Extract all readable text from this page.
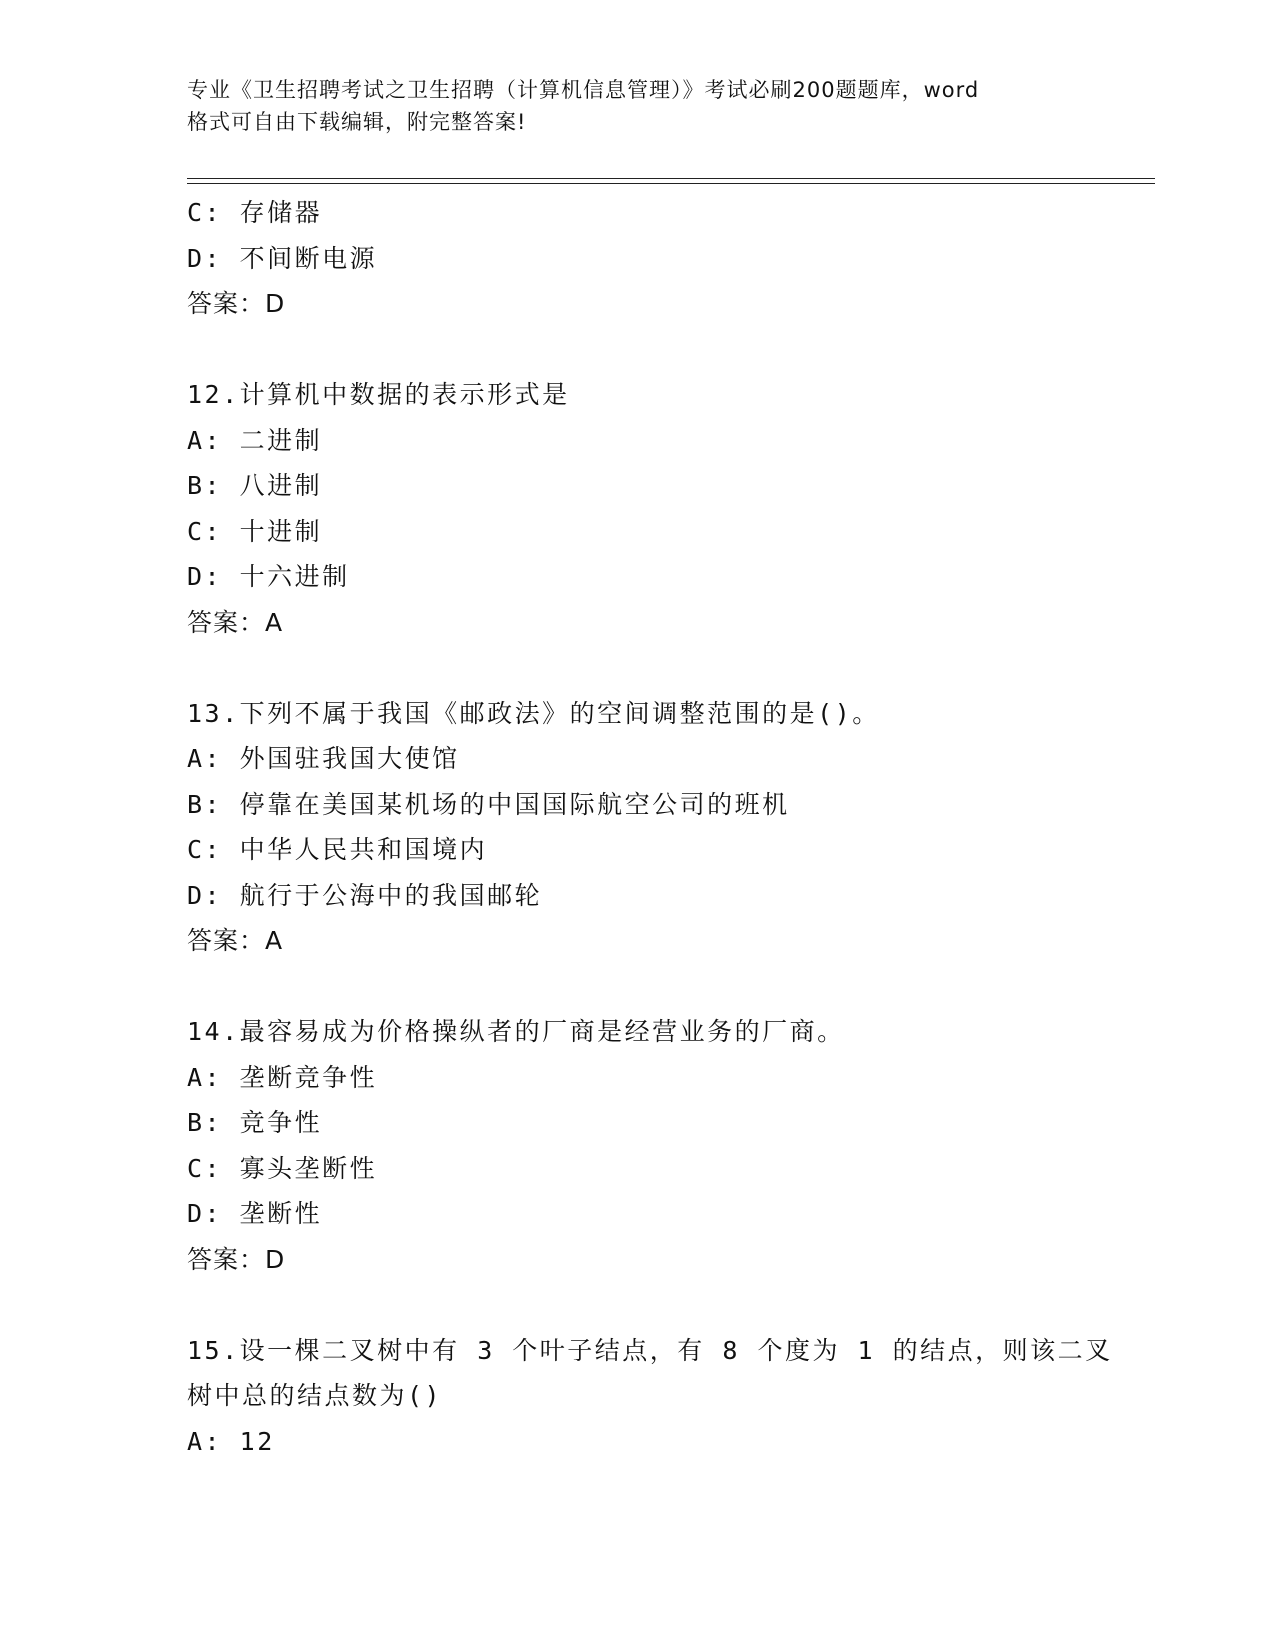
专业《卫生招聘考试之卫生招聘（计算机信息管理）》考试必刷200题题库，word
格式可自由下载编辑，附完整答案!
C: 存储器
D: 不间断电源
答案：D
12.计算机中数据的表示形式是
A: 二进制
B: 八进制
C: 十进制
D: 十六进制
答案：A
13.下列不属于我国《邮政法》的空间调整范围的是()。
A: 外国驻我国大使馆
B: 停靠在美国某机场的中国国际航空公司的班机
C: 中华人民共和国境内
D: 航行于公海中的我国邮轮
答案：A
14.最容易成为价格操纵者的厂商是经营业务的厂商。
A: 垄断竞争性
B: 竞争性
C: 寡头垄断性
D: 垄断性
答案：D
15.设一棵二叉树中有 3 个叶子结点，有 8 个度为 1 的结点，则该二叉
树中总的结点数为()
A: 12
